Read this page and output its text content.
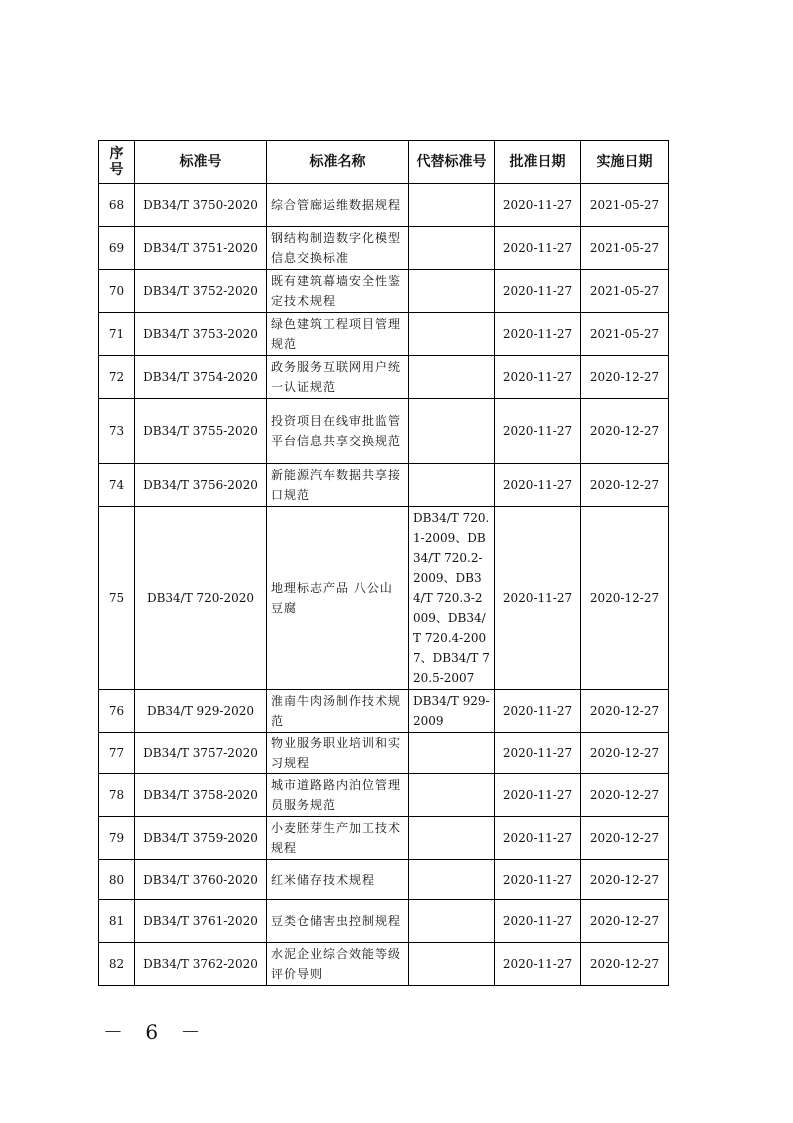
序号	标准号	标准名称	代替标准号	批准日期	实施日期
68	DB34/T 3750-2020	综合管廊运维数据规程		2020-11-27	2021-05-27
69	DB34/T 3751-2020	钢结构制造数字化模型信息交换标准		2020-11-27	2021-05-27
70	DB34/T 3752-2020	既有建筑幕墙安全性鉴定技术规程		2020-11-27	2021-05-27
71	DB34/T 3753-2020	绿色建筑工程项目管理规范		2020-11-27	2021-05-27
72	DB34/T 3754-2020	政务服务互联网用户统一认证规范		2020-11-27	2020-12-27
73	DB34/T 3755-2020	投资项目在线审批监管平台信息共享交换规范		2020-11-27	2020-12-27
74	DB34/T 3756-2020	新能源汽车数据共享接口规范		2020-11-27	2020-12-27
75	DB34/T 720-2020	地理标志产品 八公山豆腐	DB34/T 720.1-2009、DB34/T 720.2-2009、DB34/T 720.3-2009、DB34/T 720.4-2007、DB34/T 720.5-2007	2020-11-27	2020-12-27
76	DB34/T 929-2020	淮南牛肉汤制作技术规范	DB34/T 929-2009	2020-11-27	2020-12-27
77	DB34/T 3757-2020	物业服务职业培训和实习规程		2020-11-27	2020-12-27
78	DB34/T 3758-2020	城市道路路内泊位管理员服务规范		2020-11-27	2020-12-27
79	DB34/T 3759-2020	小麦胚芽生产加工技术规程		2020-11-27	2020-12-27
80	DB34/T 3760-2020	红米储存技术规程		2020-11-27	2020-12-27
81	DB34/T 3761-2020	豆类仓储害虫控制规程		2020-11-27	2020-12-27
82	DB34/T 3762-2020	水泥企业综合效能等级评价导则		2020-11-27	2020-12-27
－ 6 －
